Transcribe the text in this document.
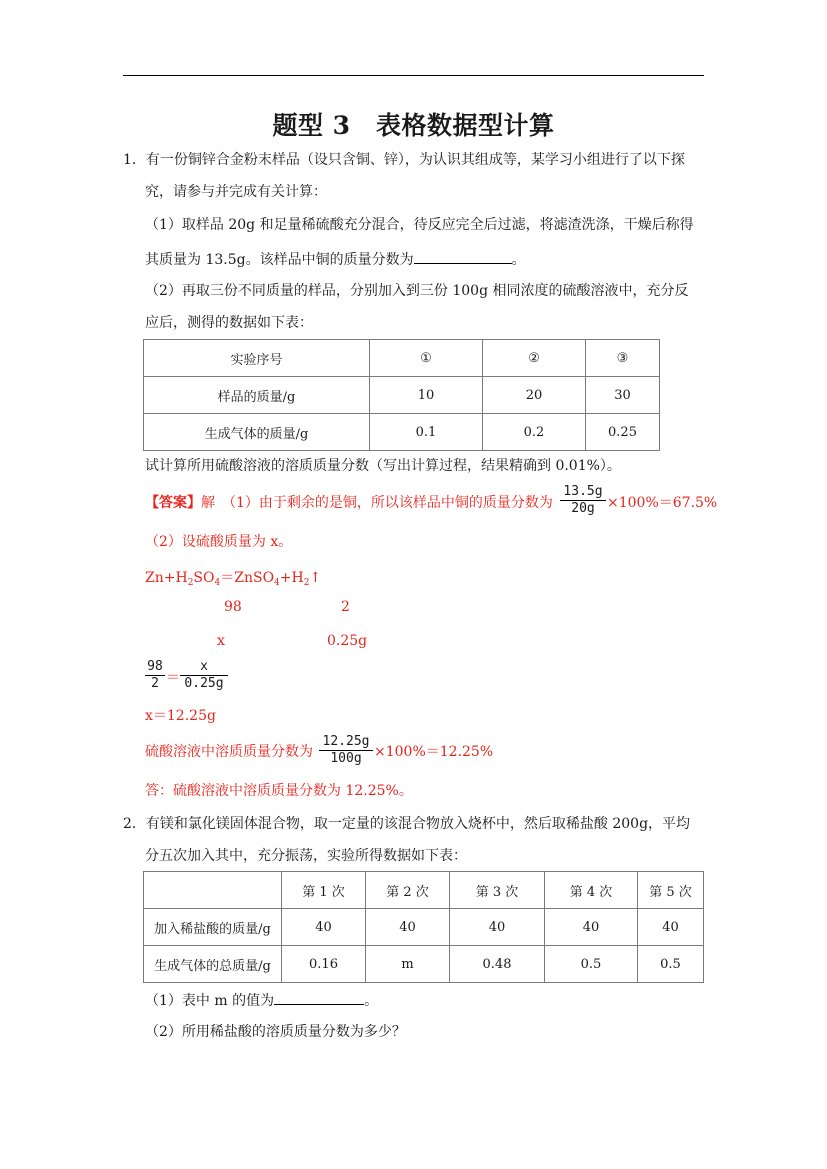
题型 3　表格数据型计算
1．有一份铜锌合金粉末样品（设只含铜、锌），为认识其组成等，某学习小组进行了以下探
究，请参与并完成有关计算：
（1）取样品 20g 和足量稀硫酸充分混合，待反应完全后过滤，将滤渣洗涤，干燥后称得
其质量为 13.5g。该样品中铜的质量分数为	。
（2）再取三份不同质量的样品，分别加入到三份 100g 相同浓度的硫酸溶液中，充分反
应后，测得的数据如下表：
实验序号	①	②	③
样品的质量/g	10	20	30
生成气体的质量/g	0.1	0.2	0.25
试计算所用硫酸溶液的溶质质量分数（写出计算过程，结果精确到 0.01%）。
【答案】解　（1）由于剩余的是铜，所以该样品中铜的质量分数为
13.5g
20g ×100%＝67.5%
（2）设硫酸质量为 x。
$Zn+H_2SO_4=ZnSO_4+H_2↑$
98	2
x	0.25g
98
2 ＝
x
0.25g
x＝12.25g
硫酸溶液中溶质质量分数为
12.25g
100g ×100%＝12.25%
答：硫酸溶液中溶质质量分数为 12.25%。
2．有镁和氯化镁固体混合物，取一定量的该混合物放入烧杯中，然后取稀盐酸 200g，平均
分五次加入其中，充分振荡，实验所得数据如下表：
	第 1 次	第 2 次	第 3 次	第 4 次	第 5 次
加入稀盐酸的质量/g	40	40	40	40	40
生成气体的总质量/g	0.16	m	0.48	0.5	0.5
（1）表中 m 的值为	。
（2）所用稀盐酸的溶质质量分数为多少？
